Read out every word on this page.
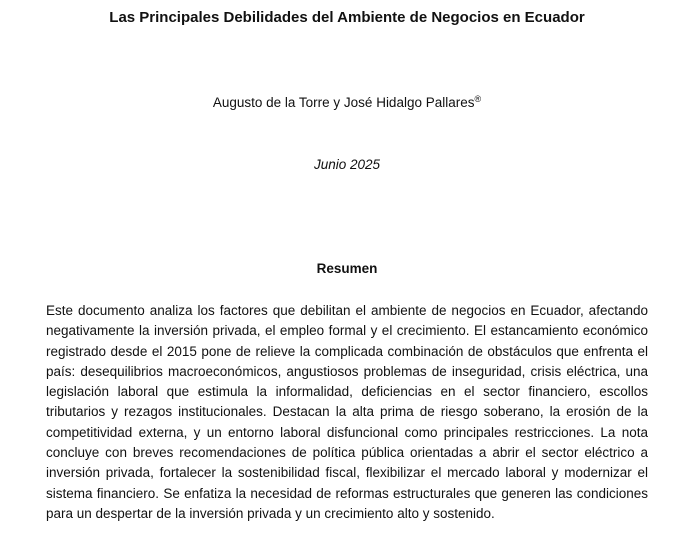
Las Principales Debilidades del Ambiente de Negocios en Ecuador
Augusto de la Torre y José Hidalgo Pallares®
Junio 2025
Resumen

Este documento analiza los factores que debilitan el ambiente de negocios en Ecuador, afectando negativamente la inversión privada, el empleo formal y el crecimiento. El estancamiento económico registrado desde el 2015 pone de relieve la complicada combinación de obstáculos que enfrenta el país: desequilibrios macroeconómicos, angustiosos problemas de inseguridad, crisis eléctrica, una legislación laboral que estimula la informalidad, deficiencias en el sector financiero, escollos tributarios y rezagos institucionales. Destacan la alta prima de riesgo soberano, la erosión de la competitividad externa, y un entorno laboral disfuncional como principales restricciones. La nota concluye con breves recomendaciones de política pública orientadas a abrir el sector eléctrico a inversión privada, fortalecer la sostenibilidad fiscal, flexibilizar el mercado laboral y modernizar el sistema financiero. Se enfatiza la necesidad de reformas estructurales que generen las condiciones para un despertar de la inversión privada y un crecimiento alto y sostenido.
